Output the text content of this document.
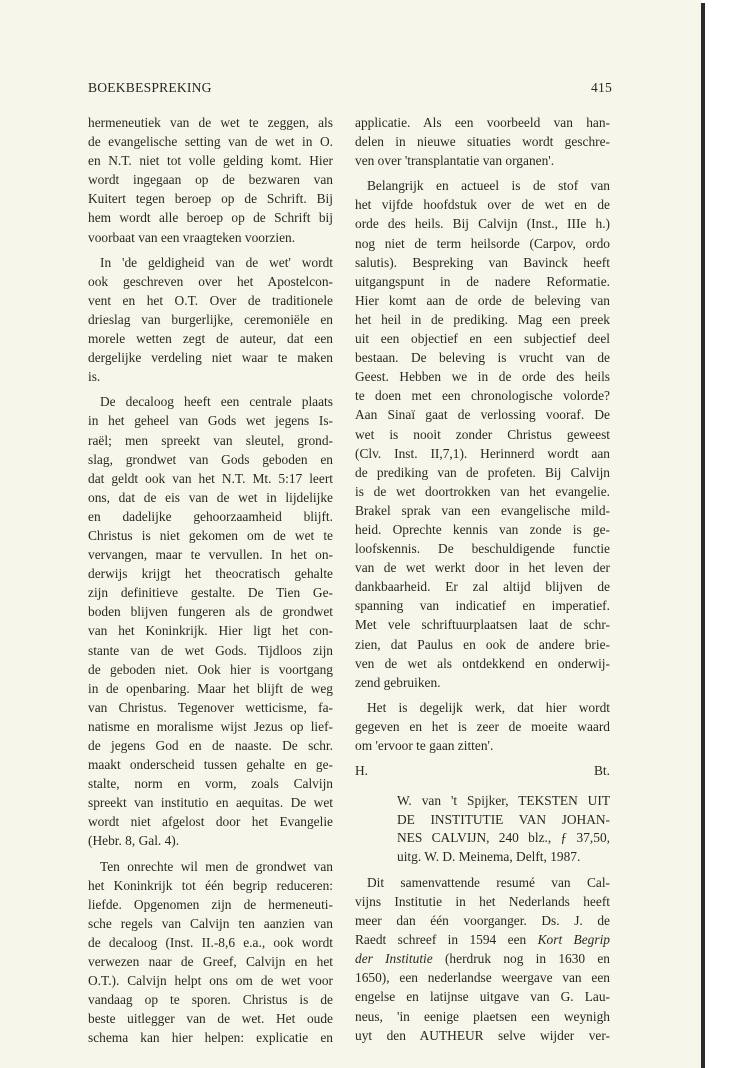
BOEKBESPREKING	415
hermeneutiek van de wet te zeggen, als
de evangelische setting van de wet in O.
en N.T. niet tot volle gelding komt. Hier
wordt ingegaan op de bezwaren van
Kuitert tegen beroep op de Schrift. Bij
hem wordt alle beroep op de Schrift bij
voorbaat van een vraagteken voorzien.
In 'de geldigheid van de wet' wordt
ook geschreven over het Apostelcon-
vent en het O.T. Over de traditionele
drieslag van burgerlijke, ceremoniële en
morele wetten zegt de auteur, dat een
dergelijke verdeling niet waar te maken
is.
De decaloog heeft een centrale plaats
in het geheel van Gods wet jegens Is-
raël; men spreekt van sleutel, grond-
slag, grondwet van Gods geboden en
dat geldt ook van het N.T. Mt. 5:17 leert
ons, dat de eis van de wet in lijdelijke
en dadelijke gehoorzaamheid blijft.
Christus is niet gekomen om de wet te
vervangen, maar te vervullen. In het on-
derwijs krijgt het theocratisch gehalte
zijn definitieve gestalte. De Tien Ge-
boden blijven fungeren als de grondwet
van het Koninkrijk. Hier ligt het con-
stante van de wet Gods. Tijdloos zijn
de geboden niet. Ook hier is voortgang
in de openbaring. Maar het blijft de weg
van Christus. Tegenover wetticisme, fa-
natisme en moralisme wijst Jezus op lief-
de jegens God en de naaste. De schr.
maakt onderscheid tussen gehalte en ge-
stalte, norm en vorm, zoals Calvijn
spreekt van institutio en aequitas. De wet
wordt niet afgelost door het Evangelie
(Hebr. 8, Gal. 4).
Ten onrechte wil men de grondwet van
het Koninkrijk tot één begrip reduceren:
liefde. Opgenomen zijn de hermeneuti-
sche regels van Calvijn ten aanzien van
de decaloog (Inst. II.-8,6 e.a., ook wordt
verwezen naar de Greef, Calvijn en het
O.T.). Calvijn helpt ons om de wet voor
vandaag op te sporen. Christus is de
beste uitlegger van de wet. Het oude
schema kan hier helpen: explicatie en
applicatie. Als een voorbeeld van han-
delen in nieuwe situaties wordt geschre-
ven over 'transplantatie van organen'.
Belangrijk en actueel is de stof van
het vijfde hoofdstuk over de wet en de
orde des heils. Bij Calvijn (Inst., IIIe h.)
nog niet de term heilsorde (Carpov, ordo
salutis). Bespreking van Bavinck heeft
uitgangspunt in de nadere Reformatie.
Hier komt aan de orde de beleving van
het heil in de prediking. Mag een preek
uit een objectief en een subjectief deel
bestaan. De beleving is vrucht van de
Geest. Hebben we in de orde des heils
te doen met een chronologische volorde?
Aan Sinaï gaat de verlossing vooraf. De
wet is nooit zonder Christus geweest
(Clv. Inst. II,7,1). Herinnerd wordt aan
de prediking van de profeten. Bij Calvijn
is de wet doortrokken van het evangelie.
Brakel sprak van een evangelische mild-
heid. Oprechte kennis van zonde is ge-
loofskennis. De beschuldigende functie
van de wet werkt door in het leven der
dankbaarheid. Er zal altijd blijven de
spanning van indicatief en imperatief.
Met vele schriftuurplaatsen laat de schr-
zien, dat Paulus en ook de andere brie-
ven de wet als ontdekkend en onderwij-
zend gebruiken.
Het is degelijk werk, dat hier wordt
gegeven en het is zeer de moeite waard
om 'ervoor te gaan zitten'.
H.	Bt.
W. van 't Spijker, TEKSTEN UIT
DE INSTITUTIE VAN JOHAN-
NES CALVIJN, 240 blz., ƒ 37,50,
uitg. W. D. Meinema, Delft, 1987.
Dit samenvattende resumé van Cal-
vijns Institutie in het Nederlands heeft
meer dan één voorganger. Ds. J. de
Raedt schreef in 1594 een Kort Begrip
der Institutie (herdruk nog in 1630 en
1650), een nederlandse weergave van een
engelse en latijnse uitgave van G. Lau-
neus, 'in eenige plaetsen een weynigh
uyt den AUTHEUR selve wijder ver-
